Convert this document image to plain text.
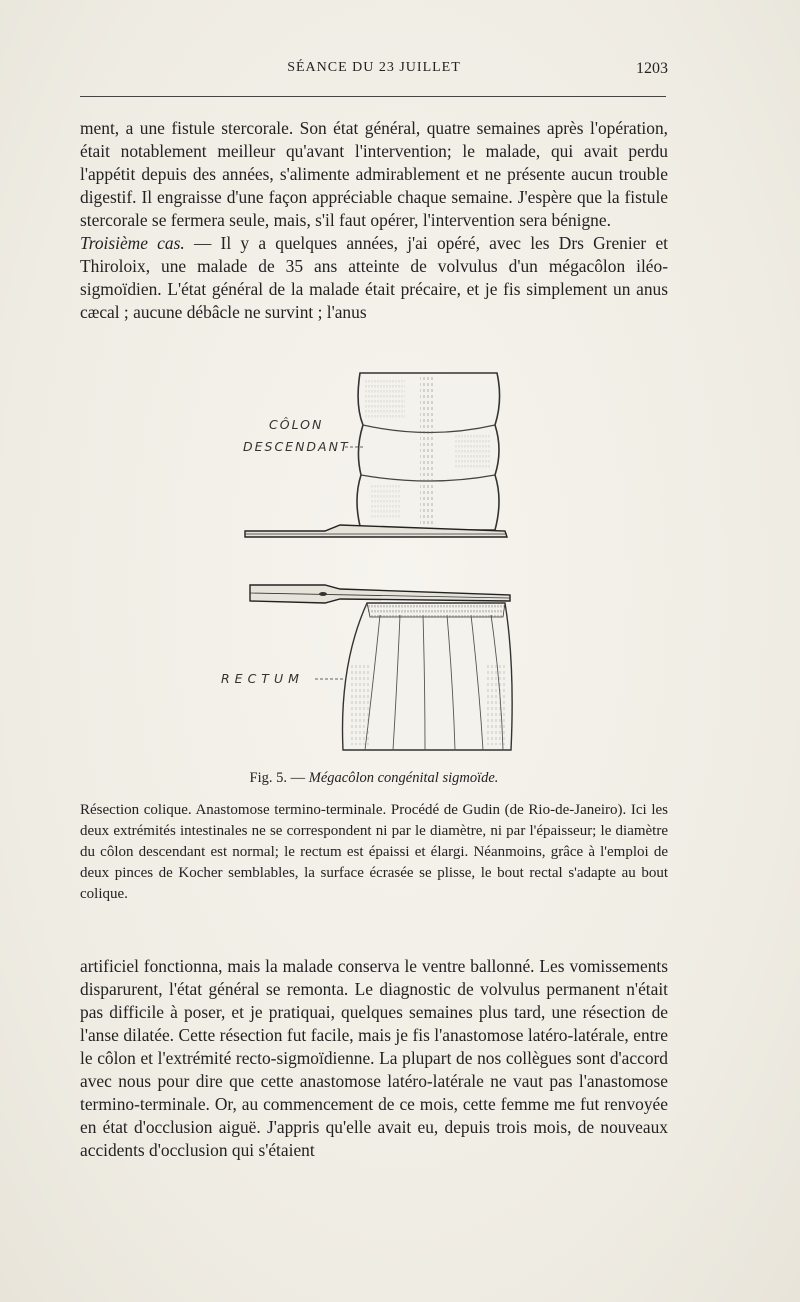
SÉANCE DU 23 JUILLET	1203

ment, a une fistule stercorale. Son état général, quatre semaines après l'opération, était notablement meilleur qu'avant l'intervention; le malade, qui avait perdu l'appétit depuis des années, s'alimente admirablement et ne présente aucun trouble digestif. Il engraisse d'une façon appréciable chaque semaine. J'espère que la fistule stercorale se fermera seule, mais, s'il faut opérer, l'intervention sera bénigne.
Troisième cas. — Il y a quelques années, j'ai opéré, avec les Drs Grenier et Thiroloix, une malade de 35 ans atteinte de volvulus d'un mégacôlon iléo-sigmoïdien. L'état général de la malade était précaire, et je fis simplement un anus cæcal ; aucune débâcle ne survint ; l'anus

CÔLON
DESCENDANT
RECTUM
Fig. 5. — Mégacôlon congénital sigmoïde.

Résection colique. Anastomose termino-terminale. Procédé de Gudin (de Rio-de-Janeiro). Ici les deux extrémités intestinales ne se correspondent ni par le diamètre, ni par l'épaisseur; le diamètre du côlon descendant est normal; le rectum est épaissi et élargi. Néanmoins, grâce à l'emploi de deux pinces de Kocher semblables, la surface écrasée se plisse, le bout rectal s'adapte au bout colique.

artificiel fonctionna, mais la malade conserva le ventre ballonné. Les vomissements disparurent, l'état général se remonta. Le diagnostic de volvulus permanent n'était pas difficile à poser, et je pratiquai, quelques semaines plus tard, une résection de l'anse dilatée. Cette résection fut facile, mais je fis l'anastomose latéro-latérale, entre le côlon et l'extrémité recto-sigmoïdienne. La plupart de nos collègues sont d'accord avec nous pour dire que cette anastomose latéro-latérale ne vaut pas l'anastomose termino-terminale. Or, au commencement de ce mois, cette femme me fut renvoyée en état d'occlusion aiguë. J'appris qu'elle avait eu, depuis trois mois, de nouveaux accidents d'occlusion qui s'étaient
